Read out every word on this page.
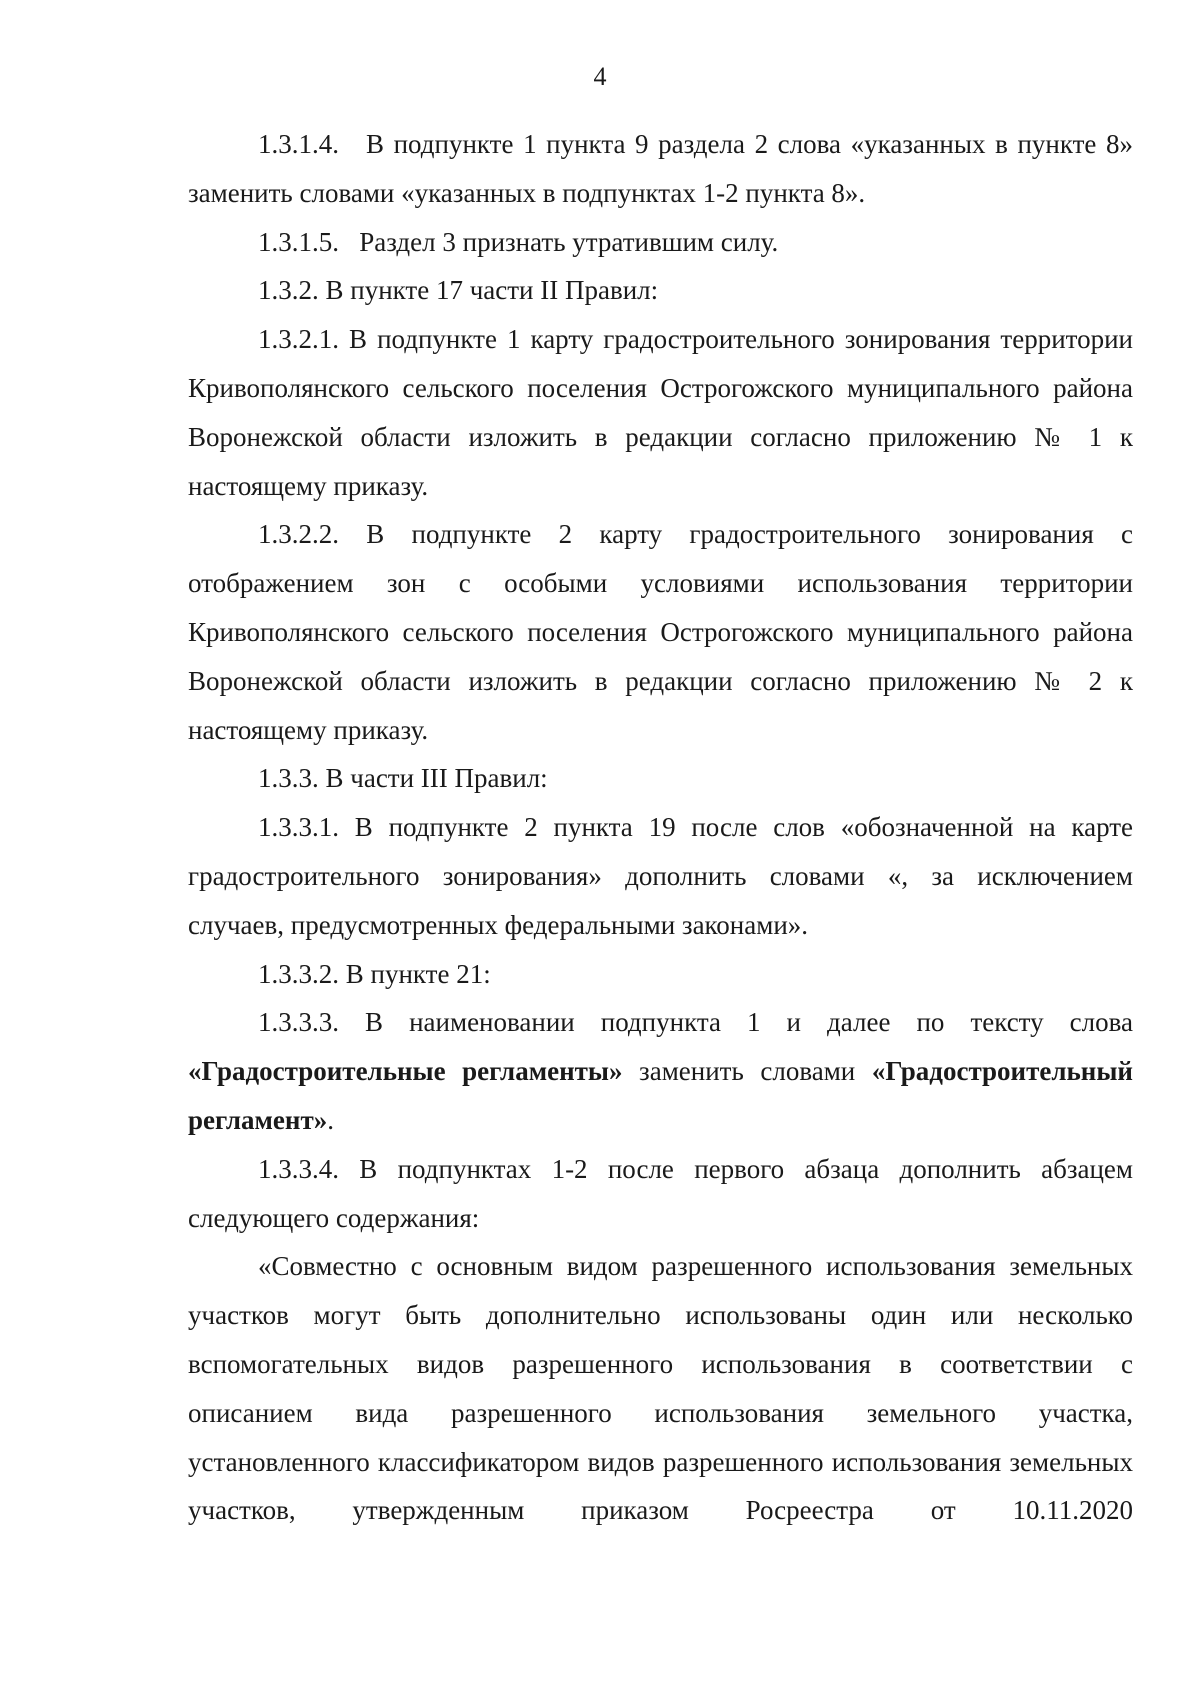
4

1.3.1.4. В подпункте 1 пункта 9 раздела 2 слова «указанных в пункте 8» заменить словами «указанных в подпунктах 1-2 пункта 8».

1.3.1.5.  Раздел 3 признать утратившим силу.

1.3.2. В пункте 17 части II Правил:

1.3.2.1. В подпункте 1 карту градостроительного зонирования территории Кривополянского сельского поселения Острогожского муниципального района Воронежской области изложить в редакции согласно приложению № 1 к настоящему приказу.

1.3.2.2. В подпункте 2 карту градостроительного зонирования с отображением зон с особыми условиями использования территории Кривополянского сельского поселения Острогожского муниципального района Воронежской области изложить в редакции согласно приложению № 2 к настоящему приказу.

1.3.3. В части III Правил:

1.3.3.1. В подпункте 2 пункта 19 после слов «обозначенной на карте градостроительного зонирования» дополнить словами «, за исключением случаев, предусмотренных федеральными законами».

1.3.3.2. В пункте 21:

1.3.3.3. В наименовании подпункта 1 и далее по тексту слова «Градостроительные регламенты» заменить словами «Градостроительный регламент».

1.3.3.4. В подпунктах 1-2 после первого абзаца дополнить абзацем следующего содержания:

«Совместно с основным видом разрешенного использования земельных участков могут быть дополнительно использованы один или несколько вспомогательных видов разрешенного использования в соответствии с описанием вида разрешенного использования земельного участка, установленного классификатором видов разрешенного использования земельных участков, утвержденным приказом Росреестра от 10.11.2020
